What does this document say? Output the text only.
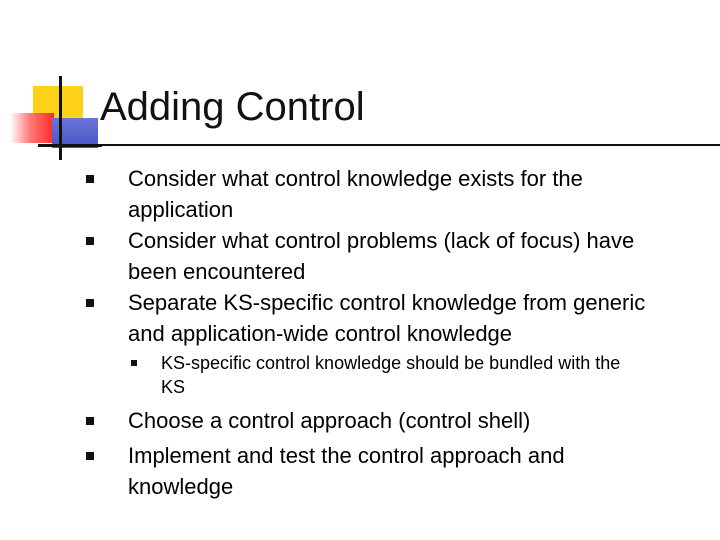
Adding Control
Consider what control knowledge exists for the
application
Consider what control problems (lack of focus) have
been encountered
Separate KS-specific control knowledge from generic
and application-wide control knowledge
KS-specific control knowledge should be bundled with the
KS
Choose a control approach (control shell)
Implement and test the control approach and
knowledge
